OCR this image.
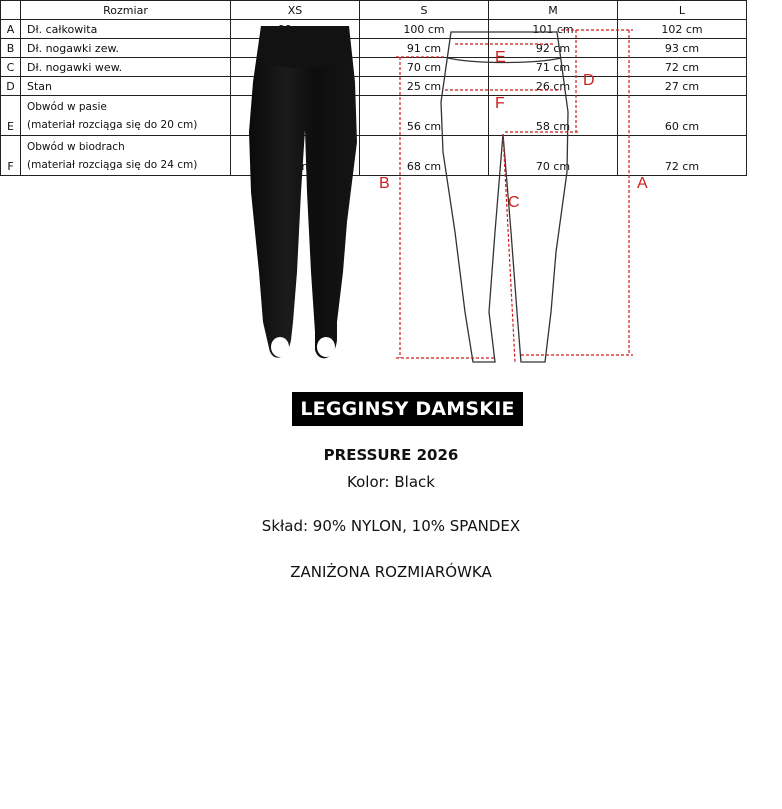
A
B
C
D
E
F
LEGGINSY DAMSKIE
PRESSURE 2026
Kolor: Black
Skład: 90% NYLON, 10% SPANDEX
ZANIŻONA ROZMIARÓWKA
	Rozmiar	XS	S	M	L
A	Dł. całkowita		100 cm	101 cm	102 cm
B	Dł. nogawki zew.		91 cm	92 cm	93 cm
C	Dł. nogawki wew.		70 cm	71 cm	72 cm
D	Stan		25 cm	26 cm	27 cm
E	Obwód w pasie
(materiał rozciąga się do 20 cm)		56 cm	58 cm	60 cm
F	Obwód w biodrach
(materiał rozciąga się do 24 cm)		68 cm	70 cm	72 cm
